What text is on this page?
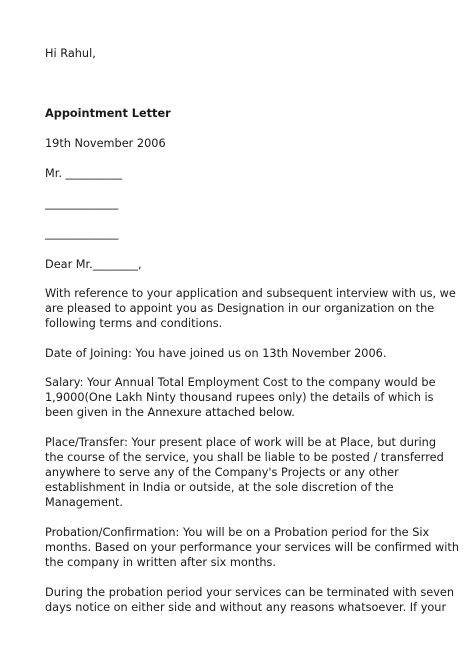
Hi Rahul,
Appointment Letter
19th November 2006
Mr. __________
_____________
_____________
Dear Mr.________,
With reference to your application and subsequent interview with us, we
are pleased to appoint you as Designation in our organization on the
following terms and conditions.
Date of Joining: You have joined us on 13th November 2006.
Salary: Your Annual Total Employment Cost to the company would be
1,9000(One Lakh Ninty thousand rupees only) the details of which is
been given in the Annexure attached below.
Place/Transfer: Your present place of work will be at Place, but during
the course of the service, you shall be liable to be posted / transferred
anywhere to serve any of the Company's Projects or any other
establishment in India or outside, at the sole discretion of the
Management.
Probation/Confirmation: You will be on a Probation period for the Six
months. Based on your performance your services will be confirmed with
the company in written after six months.
During the probation period your services can be terminated with seven
days notice on either side and without any reasons whatsoever. If your
